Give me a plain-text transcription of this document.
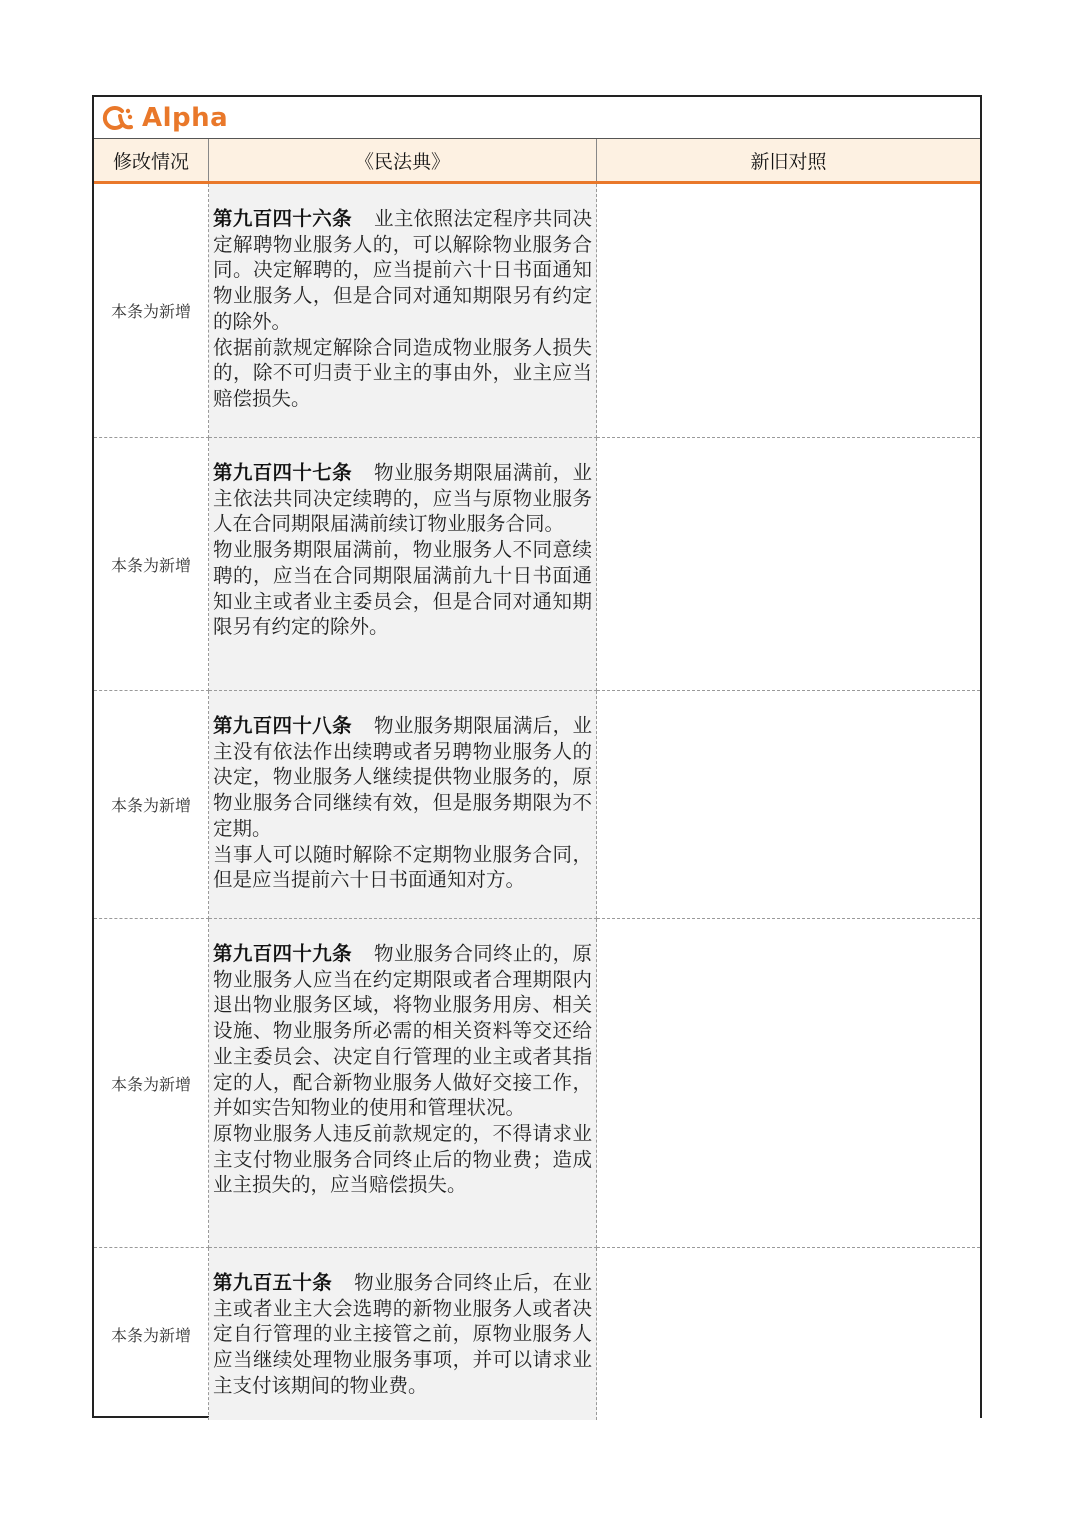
Alpha
修改情况	《民法典》	新旧对照
本条为新增
第九百四十六条 业主依照法定程序共同决定解聘物业服务人的，可以解除物业服务合同。决定解聘的，应当提前六十日书面通知物业服务人，但是合同对通知期限另有约定的除外。
依据前款规定解除合同造成物业服务人损失的，除不可归责于业主的事由外，业主应当赔偿损失。
本条为新增
第九百四十七条 物业服务期限届满前，业主依法共同决定续聘的，应当与原物业服务人在合同期限届满前续订物业服务合同。
物业服务期限届满前，物业服务人不同意续聘的，应当在合同期限届满前九十日书面通知业主或者业主委员会，但是合同对通知期限另有约定的除外。
本条为新增
第九百四十八条 物业服务期限届满后，业主没有依法作出续聘或者另聘物业服务人的决定，物业服务人继续提供物业服务的，原物业服务合同继续有效，但是服务期限为不定期。
当事人可以随时解除不定期物业服务合同，但是应当提前六十日书面通知对方。
本条为新增
第九百四十九条 物业服务合同终止的，原物业服务人应当在约定期限或者合理期限内退出物业服务区域，将物业服务用房、相关设施、物业服务所必需的相关资料等交还给业主委员会、决定自行管理的业主或者其指定的人，配合新物业服务人做好交接工作，并如实告知物业的使用和管理状况。
原物业服务人违反前款规定的，不得请求业主支付物业服务合同终止后的物业费；造成业主损失的，应当赔偿损失。
本条为新增
第九百五十条 物业服务合同终止后，在业主或者业主大会选聘的新物业服务人或者决定自行管理的业主接管之前，原物业服务人应当继续处理物业服务事项，并可以请求业主支付该期间的物业费。
